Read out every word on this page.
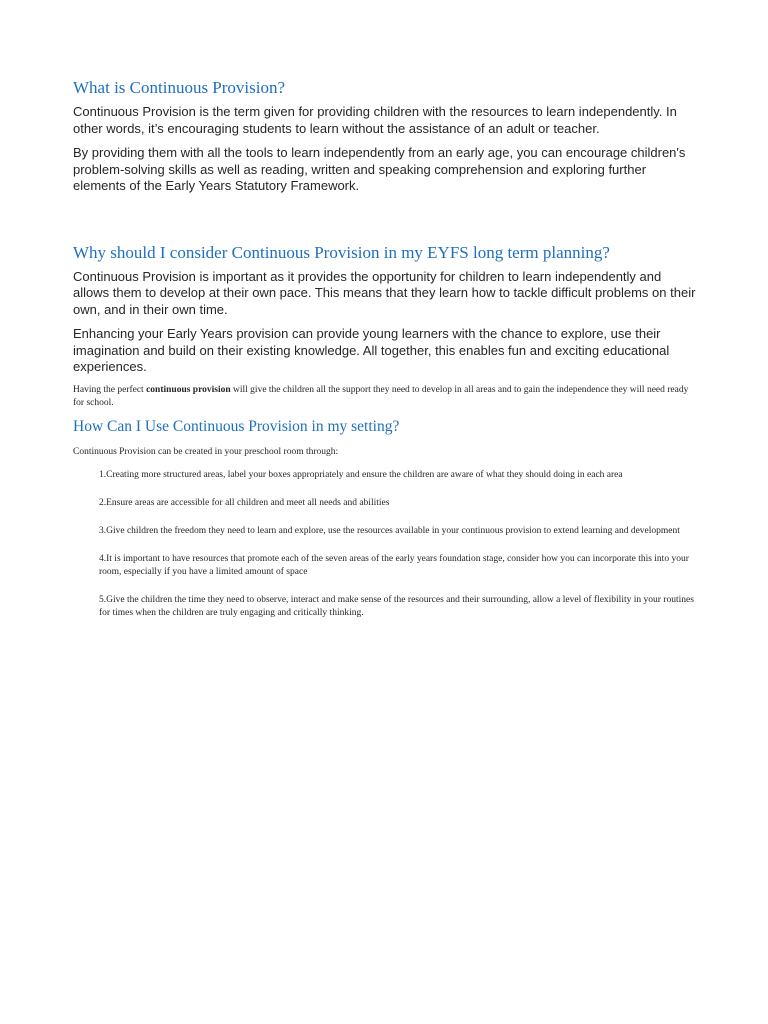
What is Continuous Provision?

Continuous Provision is the term given for providing children with the resources to learn independently. In other words, it’s encouraging students to learn without the assistance of an adult or teacher.

By providing them with all the tools to learn independently from an early age, you can encourage children's problem-solving skills as well as reading, written and speaking comprehension and exploring further elements of the Early Years Statutory Framework.

Why should I consider Continuous Provision in my EYFS long term planning?

Continuous Provision is important as it provides the opportunity for children to learn independently and allows them to develop at their own pace. This means that they learn how to tackle difficult problems on their own, and in their own time.

Enhancing your Early Years provision can provide young learners with the chance to explore, use their imagination and build on their existing knowledge. All together, this enables fun and exciting educational experiences.

Having the perfect continuous provision will give the children all the support they need to develop in all areas and to gain the independence they will need ready for school.

How Can I Use Continuous Provision in my setting?

Continuous Provision can be created in your preschool room through:

1.Creating more structured areas, label your boxes appropriately and ensure the children are aware of what they should doing in each area
2.Ensure areas are accessible for all children and meet all needs and abilities
3.Give children the freedom they need to learn and explore, use the resources available in your continuous provision to extend learning and development
4.It is important to have resources that promote each of the seven areas of the early years foundation stage, consider how you can incorporate this into your room, especially if you have a limited amount of space
5.Give the children the time they need to observe, interact and make sense of the resources and their surrounding, allow a level of flexibility in your routines for times when the children are truly engaging and critically thinking.
